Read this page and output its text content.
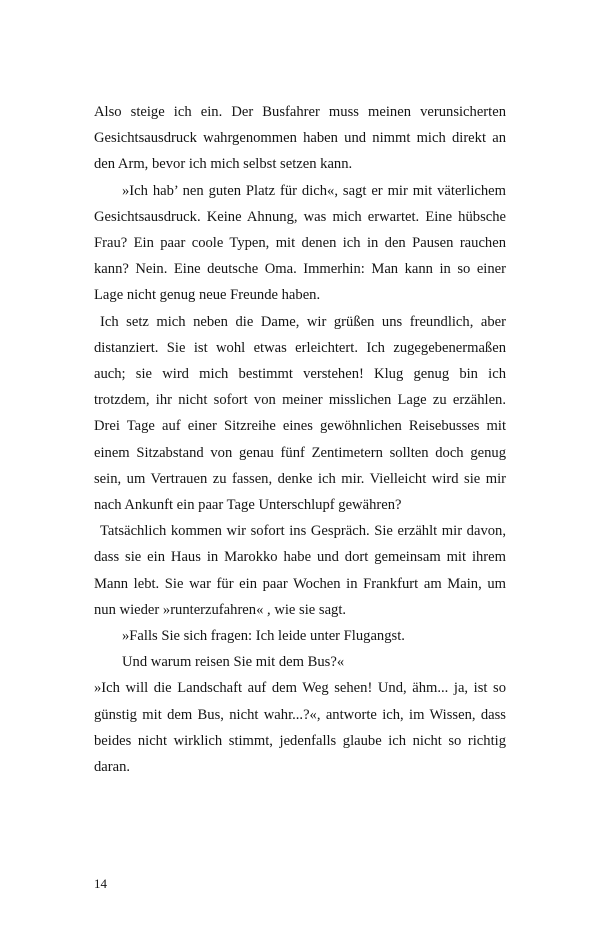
Also steige ich ein. Der Busfahrer muss meinen verunsicherten Gesichtsausdruck wahrgenommen haben und nimmt mich direkt an den Arm, bevor ich mich selbst setzen kann.

»Ich hab’ nen guten Platz für dich«, sagt er mir mit väterlichem Gesichtsausdruck. Keine Ahnung, was mich erwartet. Eine hübsche Frau? Ein paar coole Typen, mit denen ich in den Pausen rauchen kann? Nein. Eine deutsche Oma. Immerhin: Man kann in so einer Lage nicht genug neue Freunde haben.

Ich setz mich neben die Dame, wir grüßen uns freundlich, aber distanziert. Sie ist wohl etwas erleichtert. Ich zugegebenermaßen auch; sie wird mich bestimmt verstehen! Klug genug bin ich trotzdem, ihr nicht sofort von meiner misslichen Lage zu erzählen. Drei Tage auf einer Sitzreihe eines gewöhnlichen Reisebusses mit einem Sitzabstand von genau fünf Zentimetern sollten doch genug sein, um Vertrauen zu fassen, denke ich mir. Vielleicht wird sie mir nach Ankunft ein paar Tage Unterschlupf gewähren?

Tatsächlich kommen wir sofort ins Gespräch. Sie erzählt mir davon, dass sie ein Haus in Marokko habe und dort gemeinsam mit ihrem Mann lebt. Sie war für ein paar Wochen in Frankfurt am Main, um nun wieder »runterzufahren« , wie sie sagt.

»Falls Sie sich fragen: Ich leide unter Flugangst.

Und warum reisen Sie mit dem Bus?«

»Ich will die Landschaft auf dem Weg sehen! Und, ähm... ja, ist so günstig mit dem Bus, nicht wahr...?«, antworte ich, im Wissen, dass beides nicht wirklich stimmt, jedenfalls glaube ich nicht so richtig daran.

14
